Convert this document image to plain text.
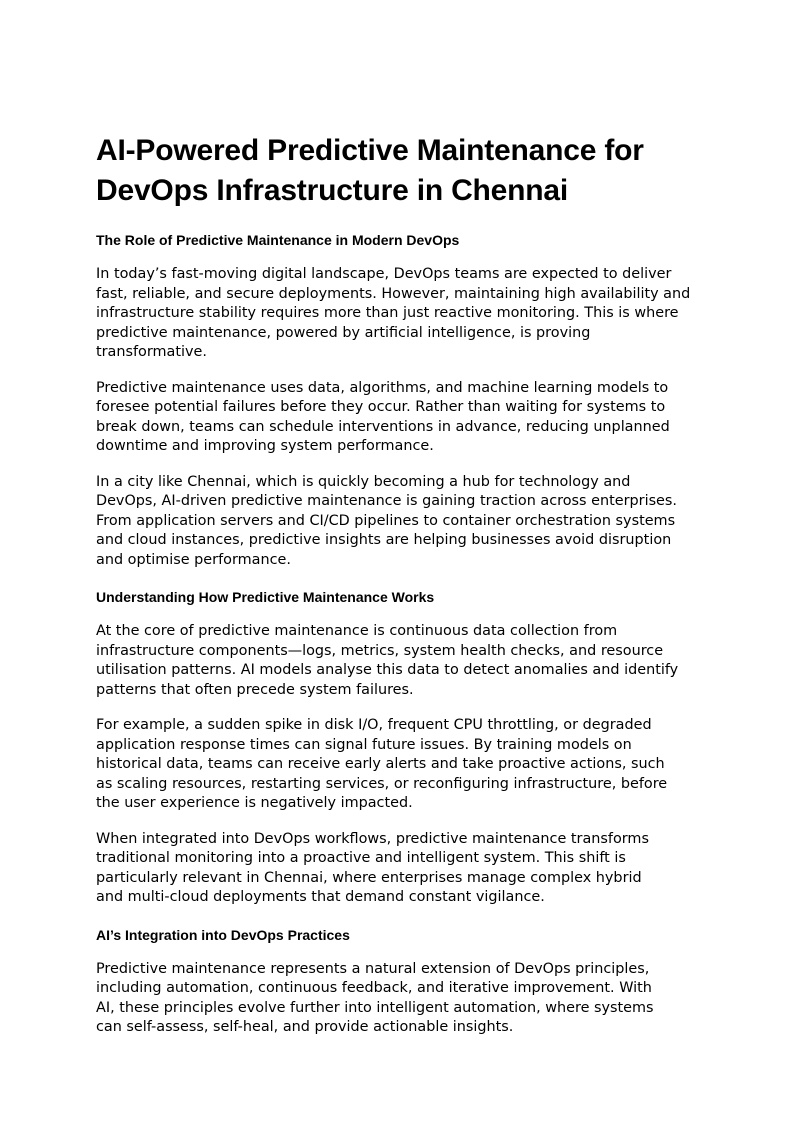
AI-Powered Predictive Maintenance for
DevOps Infrastructure in Chennai
The Role of Predictive Maintenance in Modern DevOps

In today’s fast-moving digital landscape, DevOps teams are expected to deliver
fast, reliable, and secure deployments. However, maintaining high availability and
infrastructure stability requires more than just reactive monitoring. This is where
predictive maintenance, powered by artificial intelligence, is proving
transformative.

Predictive maintenance uses data, algorithms, and machine learning models to
foresee potential failures before they occur. Rather than waiting for systems to
break down, teams can schedule interventions in advance, reducing unplanned
downtime and improving system performance.

In a city like Chennai, which is quickly becoming a hub for technology and
DevOps, AI-driven predictive maintenance is gaining traction across enterprises.
From application servers and CI/CD pipelines to container orchestration systems
and cloud instances, predictive insights are helping businesses avoid disruption
and optimise performance.

Understanding How Predictive Maintenance Works

At the core of predictive maintenance is continuous data collection from
infrastructure components—logs, metrics, system health checks, and resource
utilisation patterns. AI models analyse this data to detect anomalies and identify
patterns that often precede system failures.

For example, a sudden spike in disk I/O, frequent CPU throttling, or degraded
application response times can signal future issues. By training models on
historical data, teams can receive early alerts and take proactive actions, such
as scaling resources, restarting services, or reconfiguring infrastructure, before
the user experience is negatively impacted.

When integrated into DevOps workflows, predictive maintenance transforms
traditional monitoring into a proactive and intelligent system. This shift is
particularly relevant in Chennai, where enterprises manage complex hybrid
and multi-cloud deployments that demand constant vigilance.

AI’s Integration into DevOps Practices

Predictive maintenance represents a natural extension of DevOps principles,
including automation, continuous feedback, and iterative improvement. With
AI, these principles evolve further into intelligent automation, where systems
can self-assess, self-heal, and provide actionable insights.
